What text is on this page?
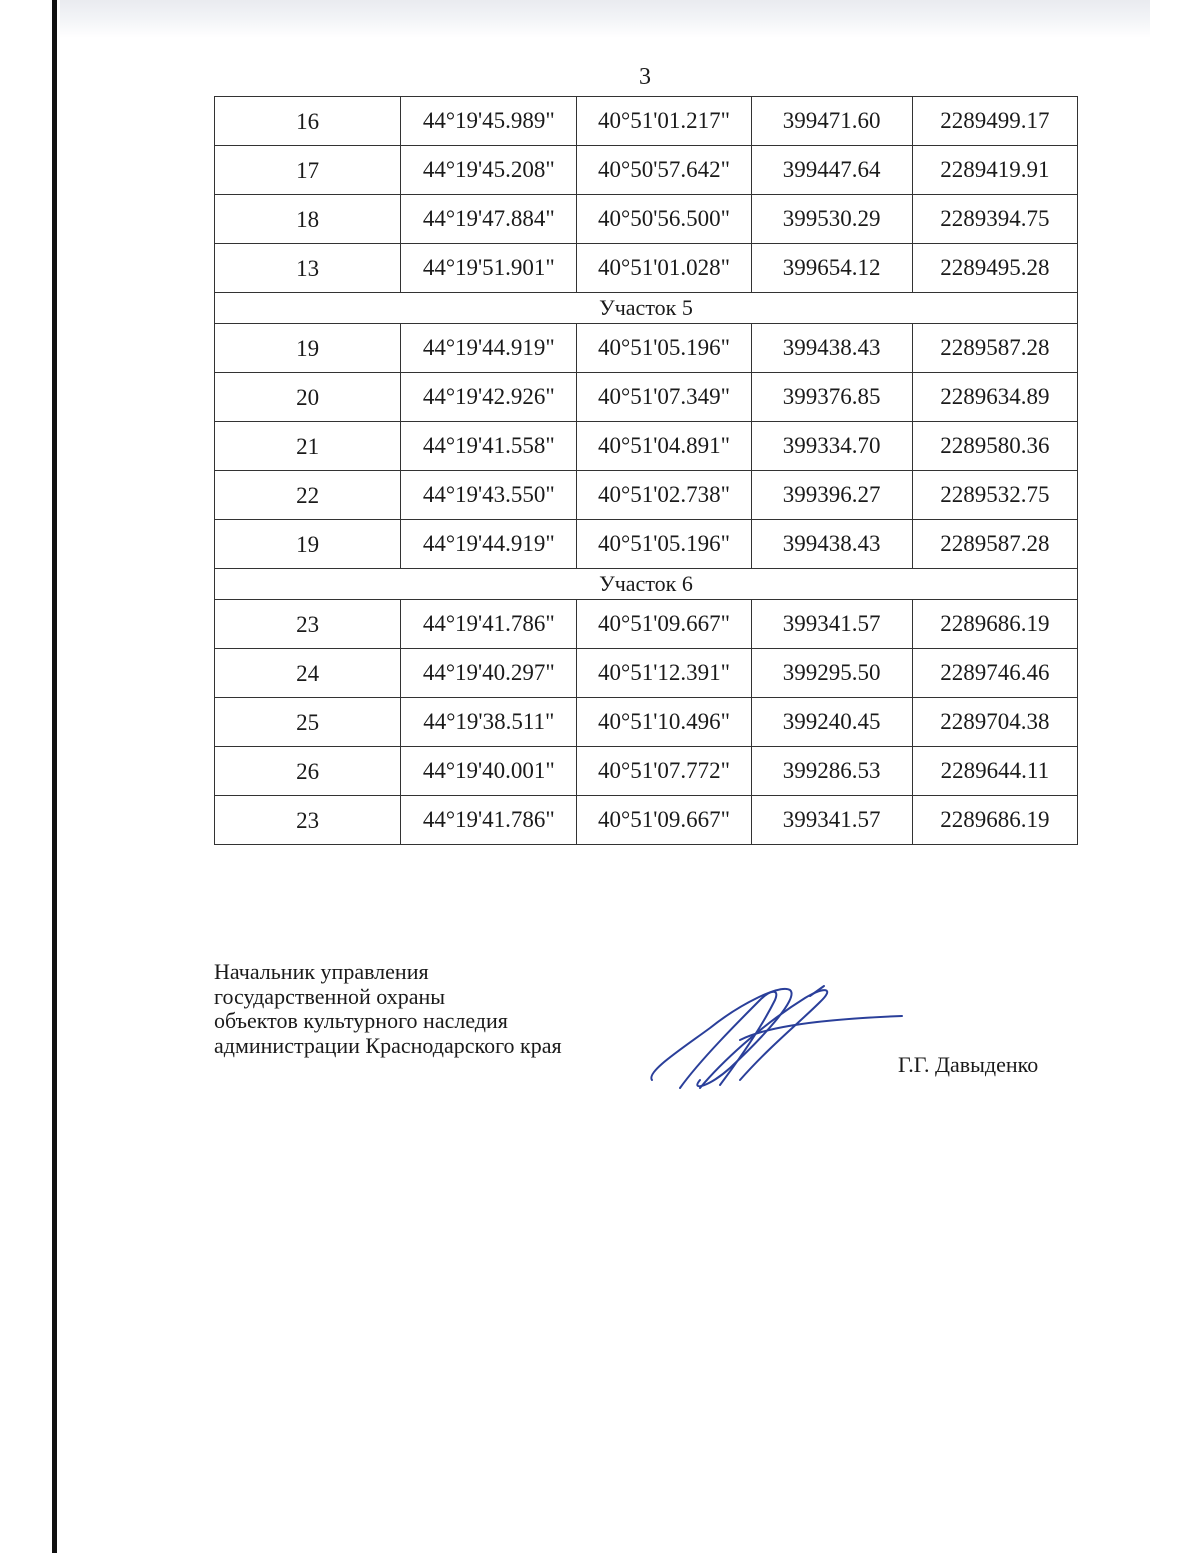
3
16	44°19'45.989"	40°51'01.217"	399471.60	2289499.17
17	44°19'45.208"	40°50'57.642"	399447.64	2289419.91
18	44°19'47.884"	40°50'56.500"	399530.29	2289394.75
13	44°19'51.901"	40°51'01.028"	399654.12	2289495.28
Участок 5				
19	44°19'44.919"	40°51'05.196"	399438.43	2289587.28
20	44°19'42.926"	40°51'07.349"	399376.85	2289634.89
21	44°19'41.558"	40°51'04.891"	399334.70	2289580.36
22	44°19'43.550"	40°51'02.738"	399396.27	2289532.75
19	44°19'44.919"	40°51'05.196"	399438.43	2289587.28
Участок 6				
23	44°19'41.786"	40°51'09.667"	399341.57	2289686.19
24	44°19'40.297"	40°51'12.391"	399295.50	2289746.46
25	44°19'38.511"	40°51'10.496"	399240.45	2289704.38
26	44°19'40.001"	40°51'07.772"	399286.53	2289644.11
23	44°19'41.786"	40°51'09.667"	399341.57	2289686.19
Начальник управления
государственной охраны
объектов культурного наследия
администрации Краснодарского края
Г.Г. Давыденко
